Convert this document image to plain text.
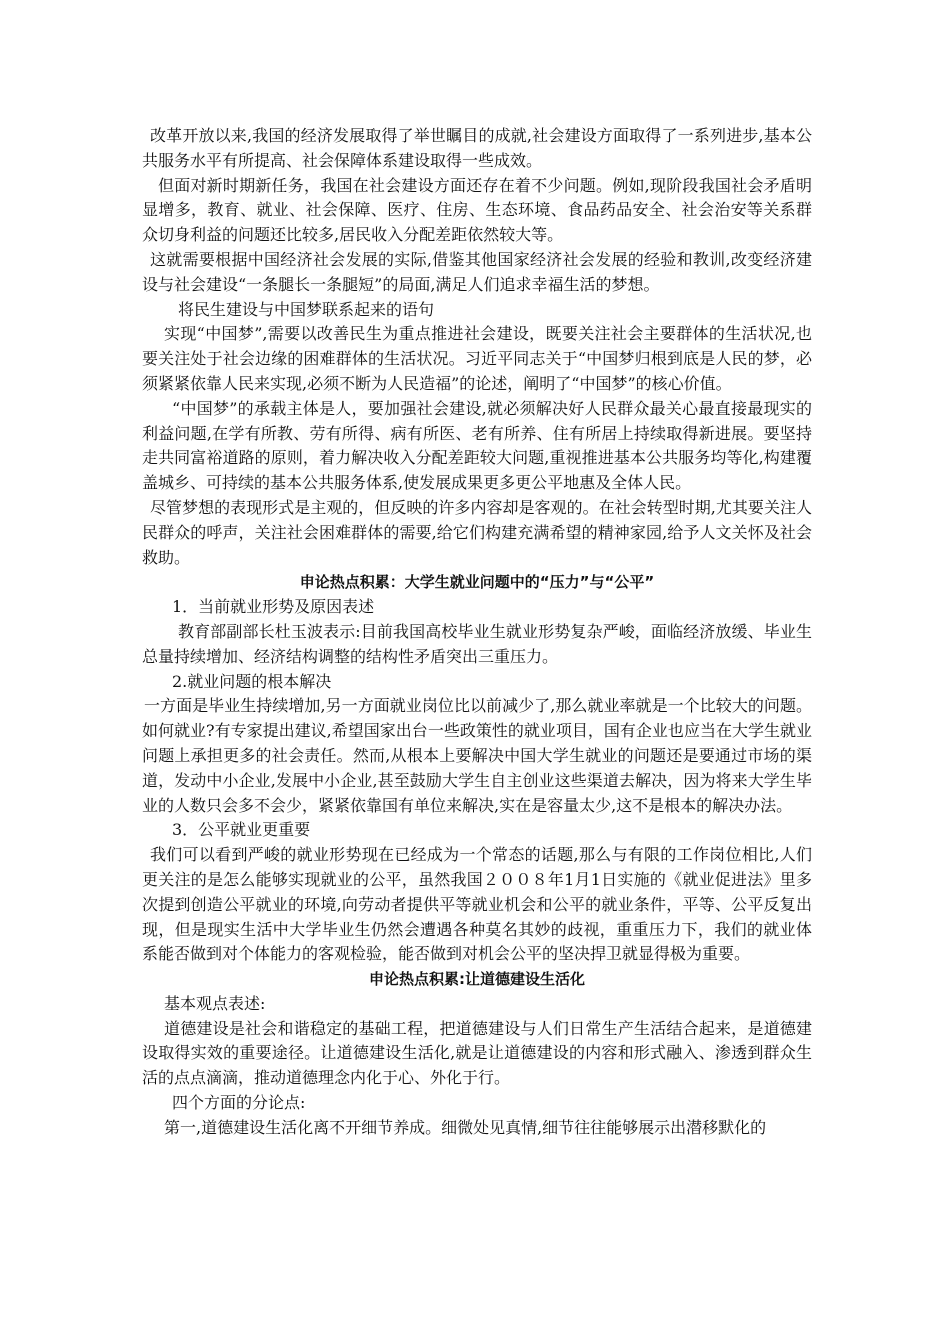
改革开放以来,我国的经济发展取得了举世瞩目的成就,社会建设方面取得了一系列进步,基本公共服务水平有所提高、社会保障体系建设取得一些成效。

但面对新时期新任务，我国在社会建设方面还存在着不少问题。例如,现阶段我国社会矛盾明显增多，教育、就业、社会保障、医疗、住房、生态环境、食品药品安全、社会治安等关系群众切身利益的问题还比较多,居民收入分配差距依然较大等。

这就需要根据中国经济社会发展的实际,借鉴其他国家经济社会发展的经验和教训,改变经济建设与社会建设“一条腿长一条腿短”的局面,满足人们追求幸福生活的梦想。

将民生建设与中国梦联系起来的语句

实现“中国梦”,需要以改善民生为重点推进社会建设，既要关注社会主要群体的生活状况,也要关注处于社会边缘的困难群体的生活状况。习近平同志关于“中国梦归根到底是人民的梦，必须紧紧依靠人民来实现,必须不断为人民造福”的论述，阐明了“中国梦”的核心价值。

“中国梦”的承载主体是人，要加强社会建设,就必须解决好人民群众最关心最直接最现实的利益问题,在学有所教、劳有所得、病有所医、老有所养、住有所居上持续取得新进展。要坚持走共同富裕道路的原则，着力解决收入分配差距较大问题,重视推进基本公共服务均等化,构建覆盖城乡、可持续的基本公共服务体系,使发展成果更多更公平地惠及全体人民。

尽管梦想的表现形式是主观的，但反映的许多内容却是客观的。在社会转型时期,尤其要关注人民群众的呼声，关注社会困难群体的需要,给它们构建充满希望的精神家园,给予人文关怀及社会救助。

申论热点积累：大学生就业问题中的“压力”与“公平”

1．当前就业形势及原因表述

教育部副部长杜玉波表示:目前我国高校毕业生就业形势复杂严峻，面临经济放缓、毕业生总量持续增加、经济结构调整的结构性矛盾突出三重压力。

2.就业问题的根本解决

一方面是毕业生持续增加,另一方面就业岗位比以前减少了,那么就业率就是一个比较大的问题。如何就业?有专家提出建议,希望国家出台一些政策性的就业项目，国有企业也应当在大学生就业问题上承担更多的社会责任。然而,从根本上要解决中国大学生就业的问题还是要通过市场的渠道，发动中小企业,发展中小企业,甚至鼓励大学生自主创业这些渠道去解决，因为将来大学生毕业的人数只会多不会少，紧紧依靠国有单位来解决,实在是容量太少,这不是根本的解决办法。

3．公平就业更重要

我们可以看到严峻的就业形势现在已经成为一个常态的话题,那么与有限的工作岗位相比,人们更关注的是怎么能够实现就业的公平，虽然我国２００８年1月1日实施的《就业促进法》里多次提到创造公平就业的环境,向劳动者提供平等就业机会和公平的就业条件，平等、公平反复出现，但是现实生活中大学毕业生仍然会遭遇各种莫名其妙的歧视，重重压力下，我们的就业体系能否做到对个体能力的客观检验，能否做到对机会公平的坚决捍卫就显得极为重要。

申论热点积累:让道德建设生活化

基本观点表述:

道德建设是社会和谐稳定的基础工程，把道德建设与人们日常生产生活结合起来，是道德建设取得实效的重要途径。让道德建设生活化,就是让道德建设的内容和形式融入、渗透到群众生活的点点滴滴，推动道德理念内化于心、外化于行。

四个方面的分论点:

第一,道德建设生活化离不开细节养成。细微处见真情,细节往往能够展示出潜移默化的
